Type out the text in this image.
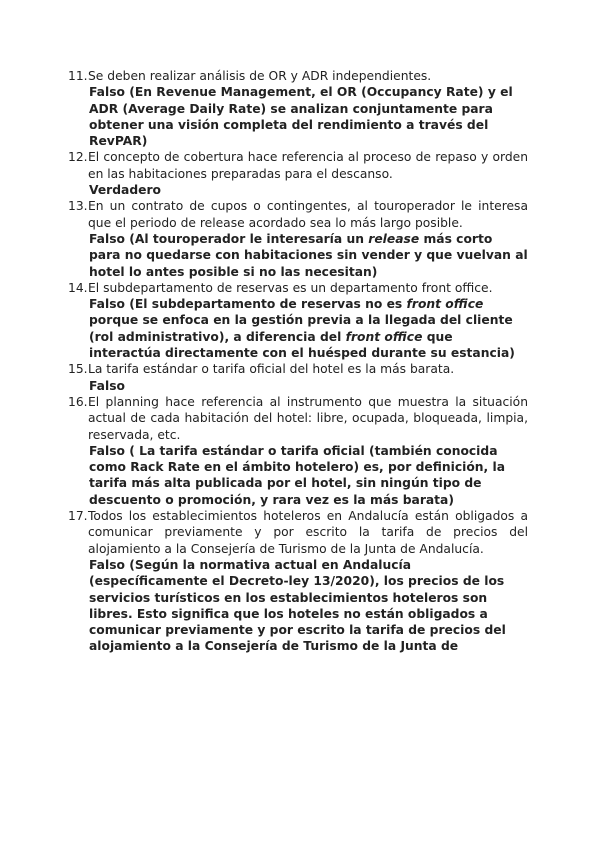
11. Se deben realizar análisis de OR y ADR independientes.

Falso (En Revenue Management, el OR (Occupancy Rate) y el ADR (Average Daily Rate) se analizan conjuntamente para obtener una visión completa del rendimiento a través del RevPAR)

12. El concepto de cobertura hace referencia al proceso de repaso y orden en las habitaciones preparadas para el descanso.

Verdadero

13. En un contrato de cupos o contingentes, al touroperador le interesa que el periodo de release acordado sea lo más largo posible.

Falso (Al touroperador le interesaría un release más corto para no quedarse con habitaciones sin vender y que vuelvan al hotel lo antes posible si no las necesitan)

14. El subdepartamento de reservas es un departamento front office.

Falso (El subdepartamento de reservas no es front office porque se enfoca en la gestión previa a la llegada del cliente (rol administrativo), a diferencia del front office que interactúa directamente con el huésped durante su estancia)

15. La tarifa estándar o tarifa oficial del hotel es la más barata.

Falso

16. El planning hace referencia al instrumento que muestra la situación actual de cada habitación del hotel: libre, ocupada, bloqueada, limpia, reservada, etc.

Falso ( La tarifa estándar o tarifa oficial (también conocida como Rack Rate en el ámbito hotelero) es, por definición, la tarifa más alta publicada por el hotel, sin ningún tipo de descuento o promoción, y rara vez es la más barata)

17. Todos los establecimientos hoteleros en Andalucía están obligados a comunicar previamente y por escrito la tarifa de precios del alojamiento a la Consejería de Turismo de la Junta de Andalucía.

Falso (Según la normativa actual en Andalucía (específicamente el Decreto-ley 13/2020), los precios de los servicios turísticos en los establecimientos hoteleros son libres. Esto significa que los hoteles no están obligados a comunicar previamente y por escrito la tarifa de precios del alojamiento a la Consejería de Turismo de la Junta de
